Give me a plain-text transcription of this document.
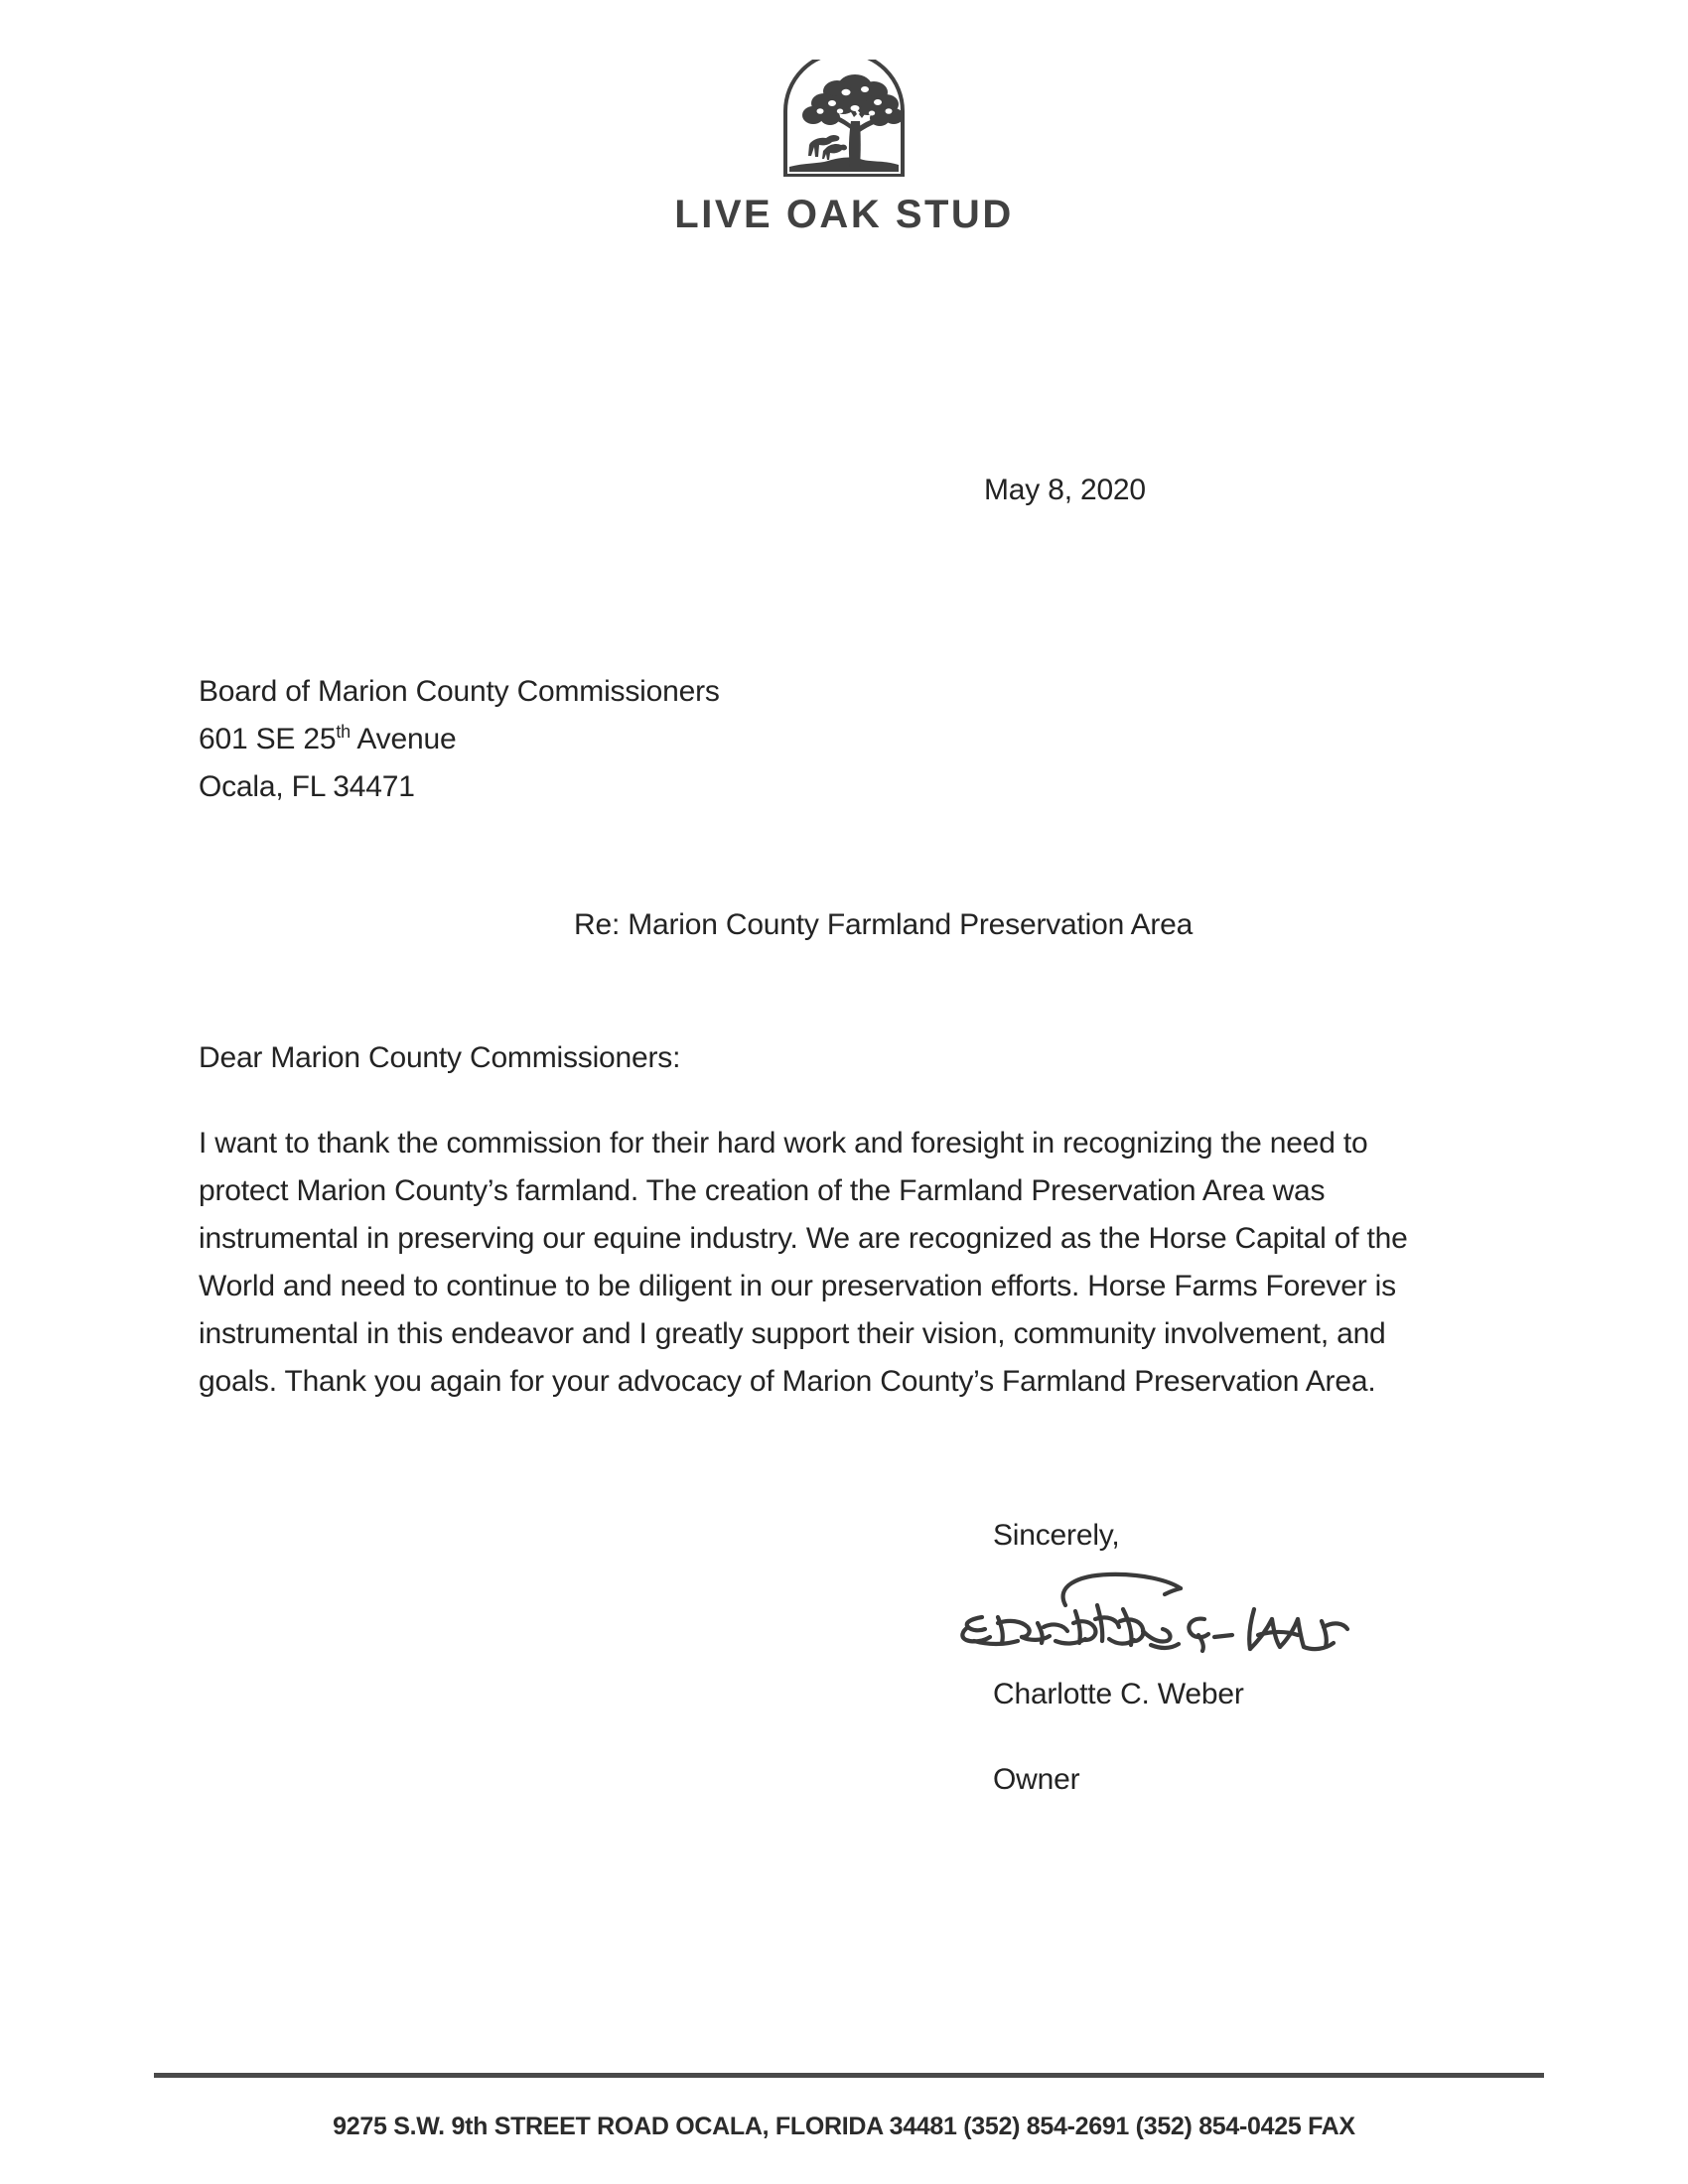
LIVE OAK STUD
May 8, 2020
Board of Marion County Commissioners
601 SE 25th Avenue
Ocala, FL 34471
Re: Marion County Farmland Preservation Area
Dear Marion County Commissioners:
I want to thank the commission for their hard work and foresight in recognizing the need to protect Marion County’s farmland. The creation of the Farmland Preservation Area was instrumental in preserving our equine industry. We are recognized as the Horse Capital of the World and need to continue to be diligent in our preservation efforts. Horse Farms Forever is instrumental in this endeavor and I greatly support their vision, community involvement, and goals. Thank you again for your advocacy of Marion County’s Farmland Preservation Area.
Sincerely,
Charlotte C. Weber
Owner
9275 S.W. 9th STREET ROAD OCALA, FLORIDA 34481 (352) 854-2691 (352) 854-0425 FAX
